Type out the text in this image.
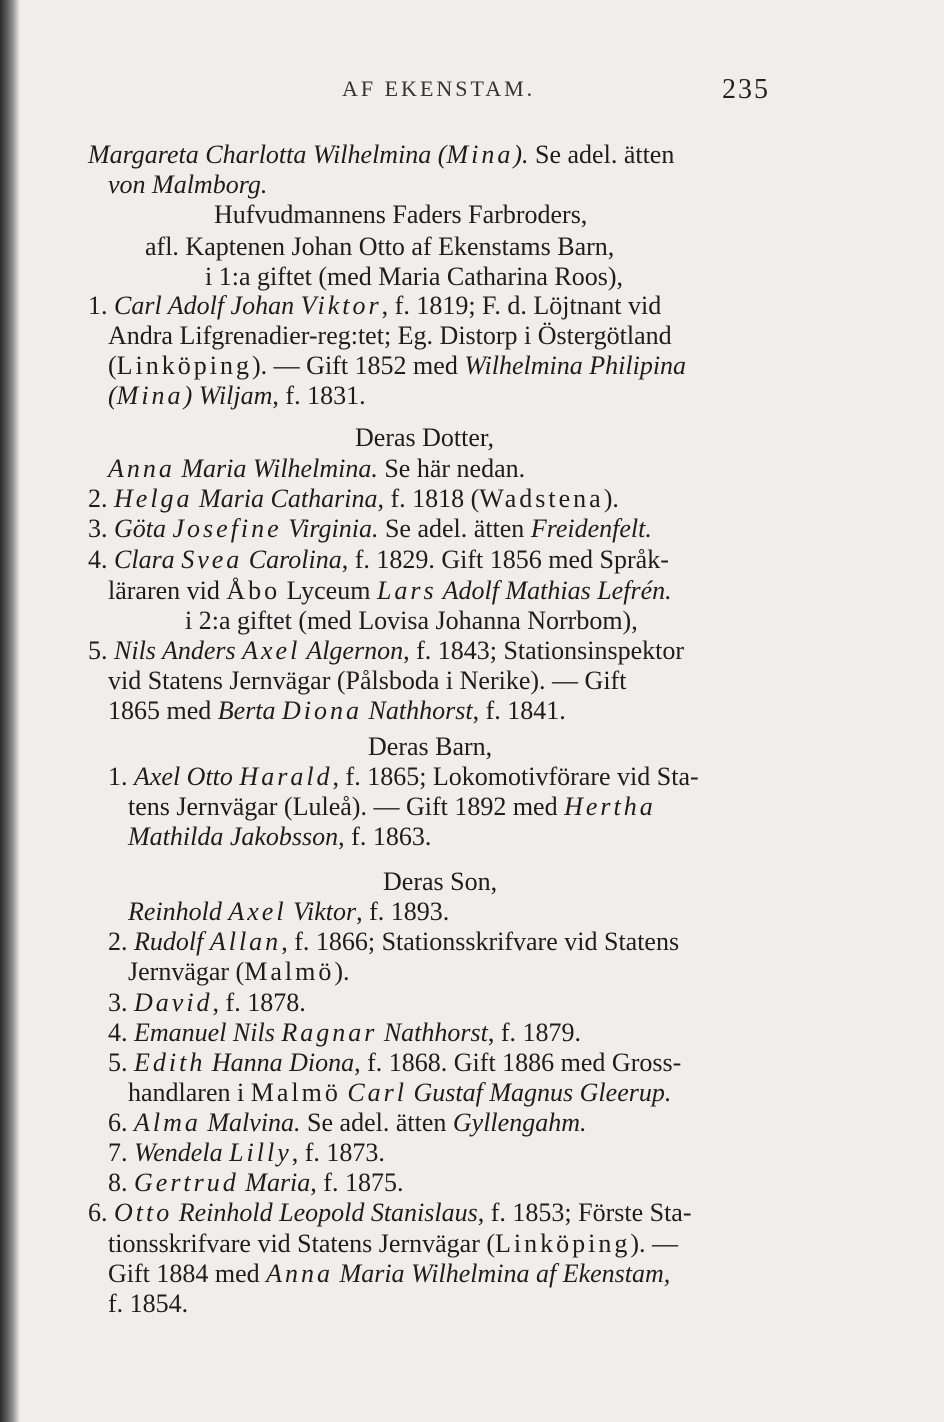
AF EKENSTAM.	235
Margareta Charlotta Wilhelmina (Mina). Se adel. ätten
von Malmborg.
Hufvudmannens Faders Farbroders,
afl. Kaptenen Johan Otto af Ekenstams Barn,
i 1:a giftet (med Maria Catharina Roos),
1. Carl Adolf Johan Viktor, f. 1819; F. d. Löjtnant vid
Andra Lifgrenadier-reg:tet; Eg. Distorp i Östergötland
(Linköping). — Gift 1852 med Wilhelmina Philipina
(Mina) Wiljam, f. 1831.
Deras Dotter,
Anna Maria Wilhelmina. Se här nedan.
2. Helga Maria Catharina, f. 1818 (Wadstena).
3. Göta Josefine Virginia. Se adel. ätten Freidenfelt.
4. Clara Svea Carolina, f. 1829. Gift 1856 med Språk-
läraren vid Åbo Lyceum Lars Adolf Mathias Lefrén.
i 2:a giftet (med Lovisa Johanna Norrbom),
5. Nils Anders Axel Algernon, f. 1843; Stationsinspektor
vid Statens Jernvägar (Pålsboda i Nerike). — Gift
1865 med Berta Diona Nathhorst, f. 1841.
Deras Barn,
1. Axel Otto Harald, f. 1865; Lokomotivförare vid Sta-
tens Jernvägar (Luleå). — Gift 1892 med Hertha
Mathilda Jakobsson, f. 1863.
Deras Son,
Reinhold Axel Viktor, f. 1893.
2. Rudolf Allan, f. 1866; Stationsskrifvare vid Statens
Jernvägar (Malmö).
3. David, f. 1878.
4. Emanuel Nils Ragnar Nathhorst, f. 1879.
5. Edith Hanna Diona, f. 1868. Gift 1886 med Gross-
handlaren i Malmö Carl Gustaf Magnus Gleerup.
6. Alma Malvina. Se adel. ätten Gyllengahm.
7. Wendela Lilly, f. 1873.
8. Gertrud Maria, f. 1875.
6. Otto Reinhold Leopold Stanislaus, f. 1853; Förste Sta-
tionsskrifvare vid Statens Jernvägar (Linköping). —
Gift 1884 med Anna Maria Wilhelmina af Ekenstam,
f. 1854.
